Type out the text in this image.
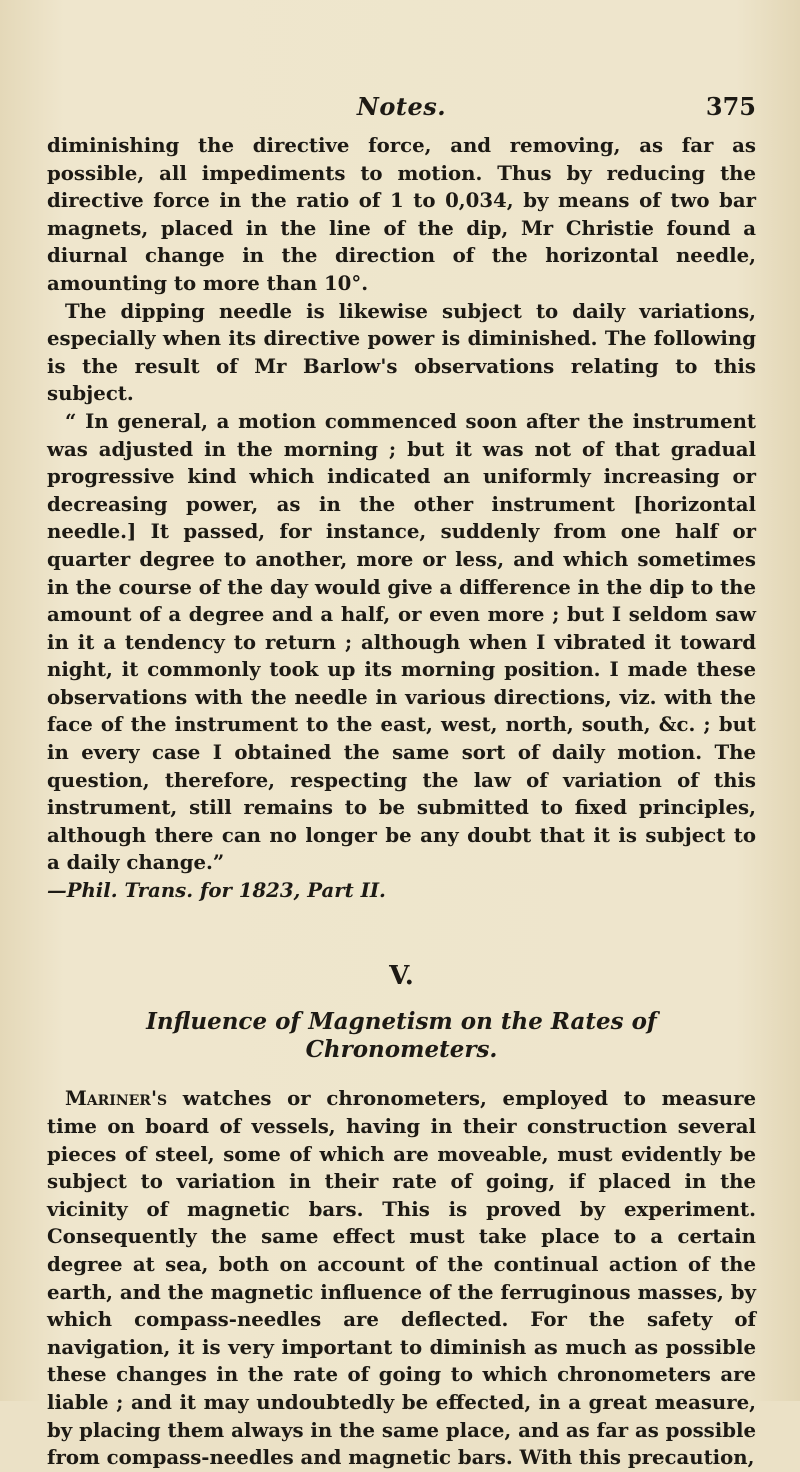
Notes.	375

diminishing the directive force, and removing, as far as possible, all impediments to motion. Thus by reducing the directive force in the ratio of 1 to 0,034, by means of two bar magnets, placed in the line of the dip, Mr Christie found a diurnal change in the direction of the horizontal needle, amounting to more than 10°.

The dipping needle is likewise subject to daily variations, especially when its directive power is diminished. The following is the result of Mr Barlow's observations relating to this subject.

“ In general, a motion commenced soon after the instrument was adjusted in the morning ; but it was not of that gradual progressive kind which indicated an uniformly increasing or decreasing power, as in the other instrument [horizontal needle.] It passed, for instance, suddenly from one half or quarter degree to another, more or less, and which sometimes in the course of the day would give a difference in the dip to the amount of a degree and a half, or even more ; but I seldom saw in it a tendency to return ; although when I vibrated it toward night, it commonly took up its morning position. I made these observations with the needle in various directions, viz. with the face of the instrument to the east, west, north, south, &c. ; but in every case I obtained the same sort of daily motion. The question, therefore, respecting the law of variation of this instrument, still remains to be submitted to fixed principles, although there can no longer be any doubt that it is subject to a daily change.”
—Phil. Trans. for 1823, Part II.

V.
Influence of Magnetism on the Rates of Chronometers.

Mariner's watches or chronometers, employed to measure time on board of vessels, having in their construction several pieces of steel, some of which are moveable, must evidently be subject to variation in their rate of going, if placed in the vicinity of magnetic bars. This is proved by experiment. Consequently the same effect must take place to a certain degree at sea, both on account of the continual action of the earth, and the magnetic influence of the ferruginous masses, by which compass-needles are deflected. For the safety of navigation, it is very important to diminish as much as possible these changes in the rate of going to which chronometers are liable ; and it may undoubtedly be effected, in a great measure, by placing them always in the same place, and as far as possible from compass-needles and magnetic bars. With this precaution,
